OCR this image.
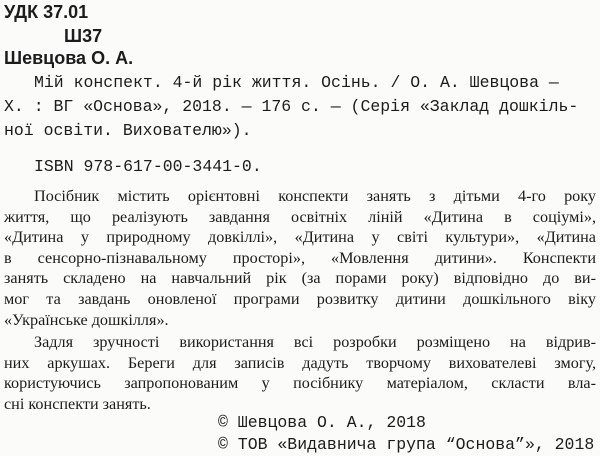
УДК 37.01
Ш37
Шевцова О. А.
Мій конспект. 4-й рік життя. Осінь. / О. А. Шевцова —
Х. : ВГ «Основа», 2018. — 176 с. — (Серія «Заклад дошкіль-
ної освіти. Вихователю»).
ISBN 978-617-00-3441-0.
Посібник містить орієнтовні конспекти занять з дітьми 4-го року
життя, що реалізують завдання освітніх ліній «Дитина в соціумі»,
«Дитина у природному довкіллі», «Дитина у світі культури», «Дитина
в сенсорно-пізнавальному просторі», «Мовлення дитини». Конспекти
занять складено на навчальний рік (за порами року) відповідно до ви-
мог та завдань оновленої програми розвитку дитини дошкільного віку
«Українське дошкілля».
Задля зручності використання всі розробки розміщено на відрив-
них аркушах. Береги для записів дадуть творчому вихователеві змогу,
користуючись запропонованим у посібнику матеріалом, скласти вла-
сні конспекти занять.
© Шевцова О. А., 2018
© ТОВ «Видавнича група “Основа”», 2018
